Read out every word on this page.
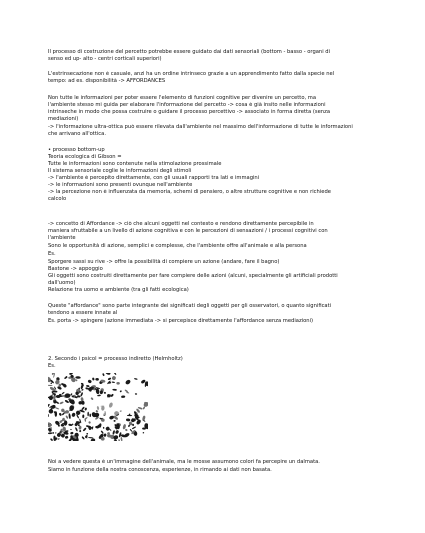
Il processo di costruzione del percetto potrebbe essere guidato dai dati sensoriali (bottom - basso - organi di
senso ed up- alto - centri corticali superiori)
L'estrinsecazione non è casuale, anzi ha un ordine intrinseco grazie a un apprendimento fatto dalla specie nel
tempo: ad es. disponibilità -> AFFORDANCES
Non tutte le informazioni per poter essere l'elemento di funzioni cognitive per divenire un percetto, ma
l'ambiente stesso mi guida per elaborare l'informazione del percetto -> cosa è già insito nelle informazioni
intrinseche in modo che possa costruire o guidare il processo percettivo -> associato in forma diretta (senza
mediazioni)
-> l'informazione ultra-ottica può essere rilevata dall'ambiente nel massimo dell'informazione di tutte le informazioni
che arrivano all'ottica.
• processo bottom-up
Teoria ecologica di Gibson =
Tutte le informazioni sono contenute nella stimolazione prossimale
Il sistema sensoriale coglie le informazioni degli stimoli
-> l'ambiente è percepito direttamente, con gli usuali rapporti tra lati e immagini
-> le informazioni sono presenti ovunque nell'ambiente
-> la percezione non è influenzata da memoria, schemi di pensiero, o altre strutture cognitive e non richiede
calcolo
-> concetto di Affordance -> ciò che alcuni oggetti nel contesto e rendono direttamente percepibile in
maniera sfruttabile a un livello di azione cognitiva e con le percezioni di sensazioni / i processi cognitivi con
l'ambiente
Sono le opportunità di azione, semplici e complesse, che l'ambiente offre all'animale e alla persona
Es.
Sporgere sassi su rive -> offre la possibilità di compiere un azione (andare, fare il bagno)
Bastone -> appoggio
Gli oggetti sono costruiti direttamente per fare compiere delle azioni (alcuni, specialmente gli artificiali prodotti
dall'uomo)
Relazione tra uomo e ambiente (tra gli fatti ecologica)
Queste "affordance" sono parte integrante dei significati degli oggetti per gli osservatori, o quanto significati
tendono a essere innate al
Es. porta -> spingere (azione immediata -> si percepisce direttamente l'affordance senza mediazioni)
2. Secondo i psicol = processo indiretto (Helmholtz)
Es.
Noi a vedere questa è un'immagine dell'animale, ma le mosse assumono colori fa percepire un dalmata.
Siamo in funzione della nostra conoscenza, esperienze, in rimando ai dati non basata.
